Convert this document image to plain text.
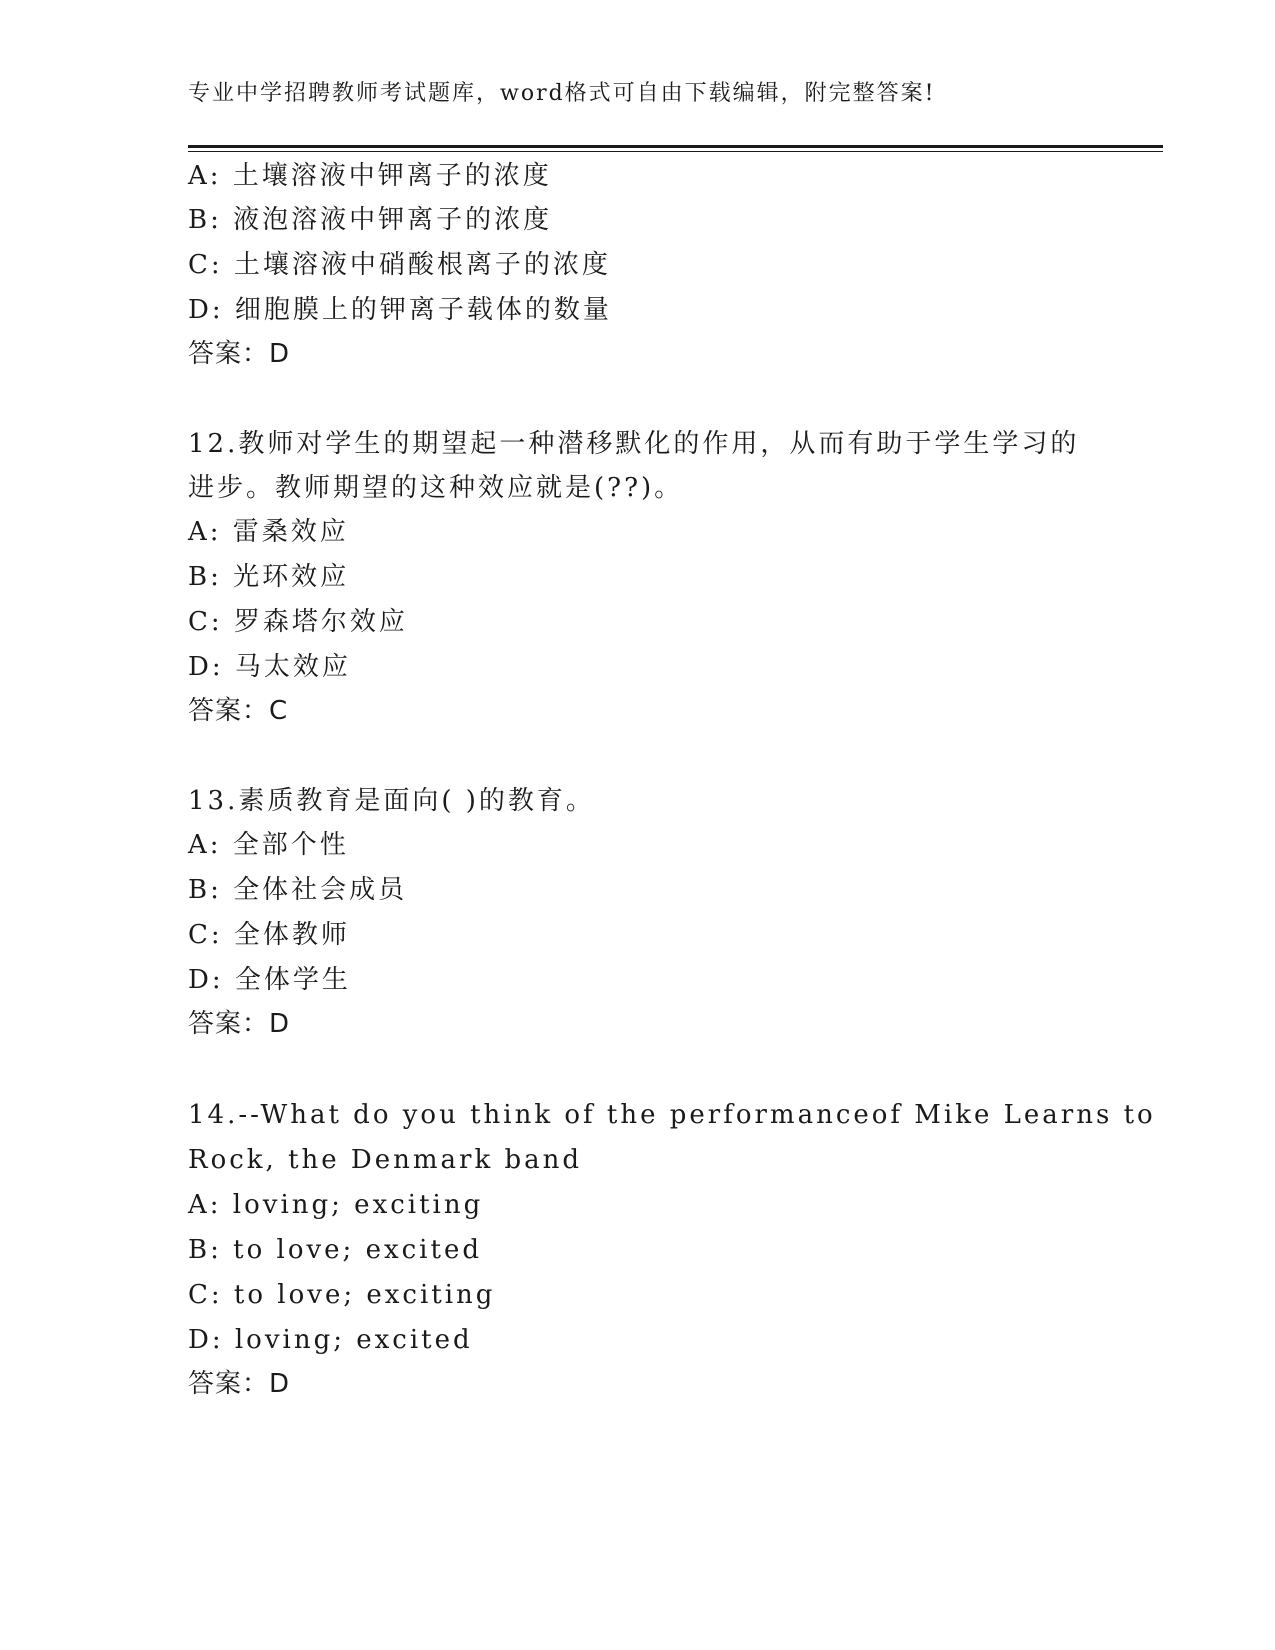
专业中学招聘教师考试题库，word格式可自由下载编辑，附完整答案!
A: 土壤溶液中钾离子的浓度
B: 液泡溶液中钾离子的浓度
C: 土壤溶液中硝酸根离子的浓度
D: 细胞膜上的钾离子载体的数量
答案：D
12.教师对学生的期望起一种潜移默化的作用，从而有助于学生学习的
进步。教师期望的这种效应就是(??)。
A: 雷桑效应
B: 光环效应
C: 罗森塔尔效应
D: 马太效应
答案：C
13.素质教育是面向( )的教育。
A: 全部个性
B: 全体社会成员
C: 全体教师
D: 全体学生
答案：D
14.--What do you think of the performanceof Mike Learns to
Rock, the Denmark band
A: loving; exciting
B: to love; excited
C: to love; exciting
D: loving; excited
答案：D
